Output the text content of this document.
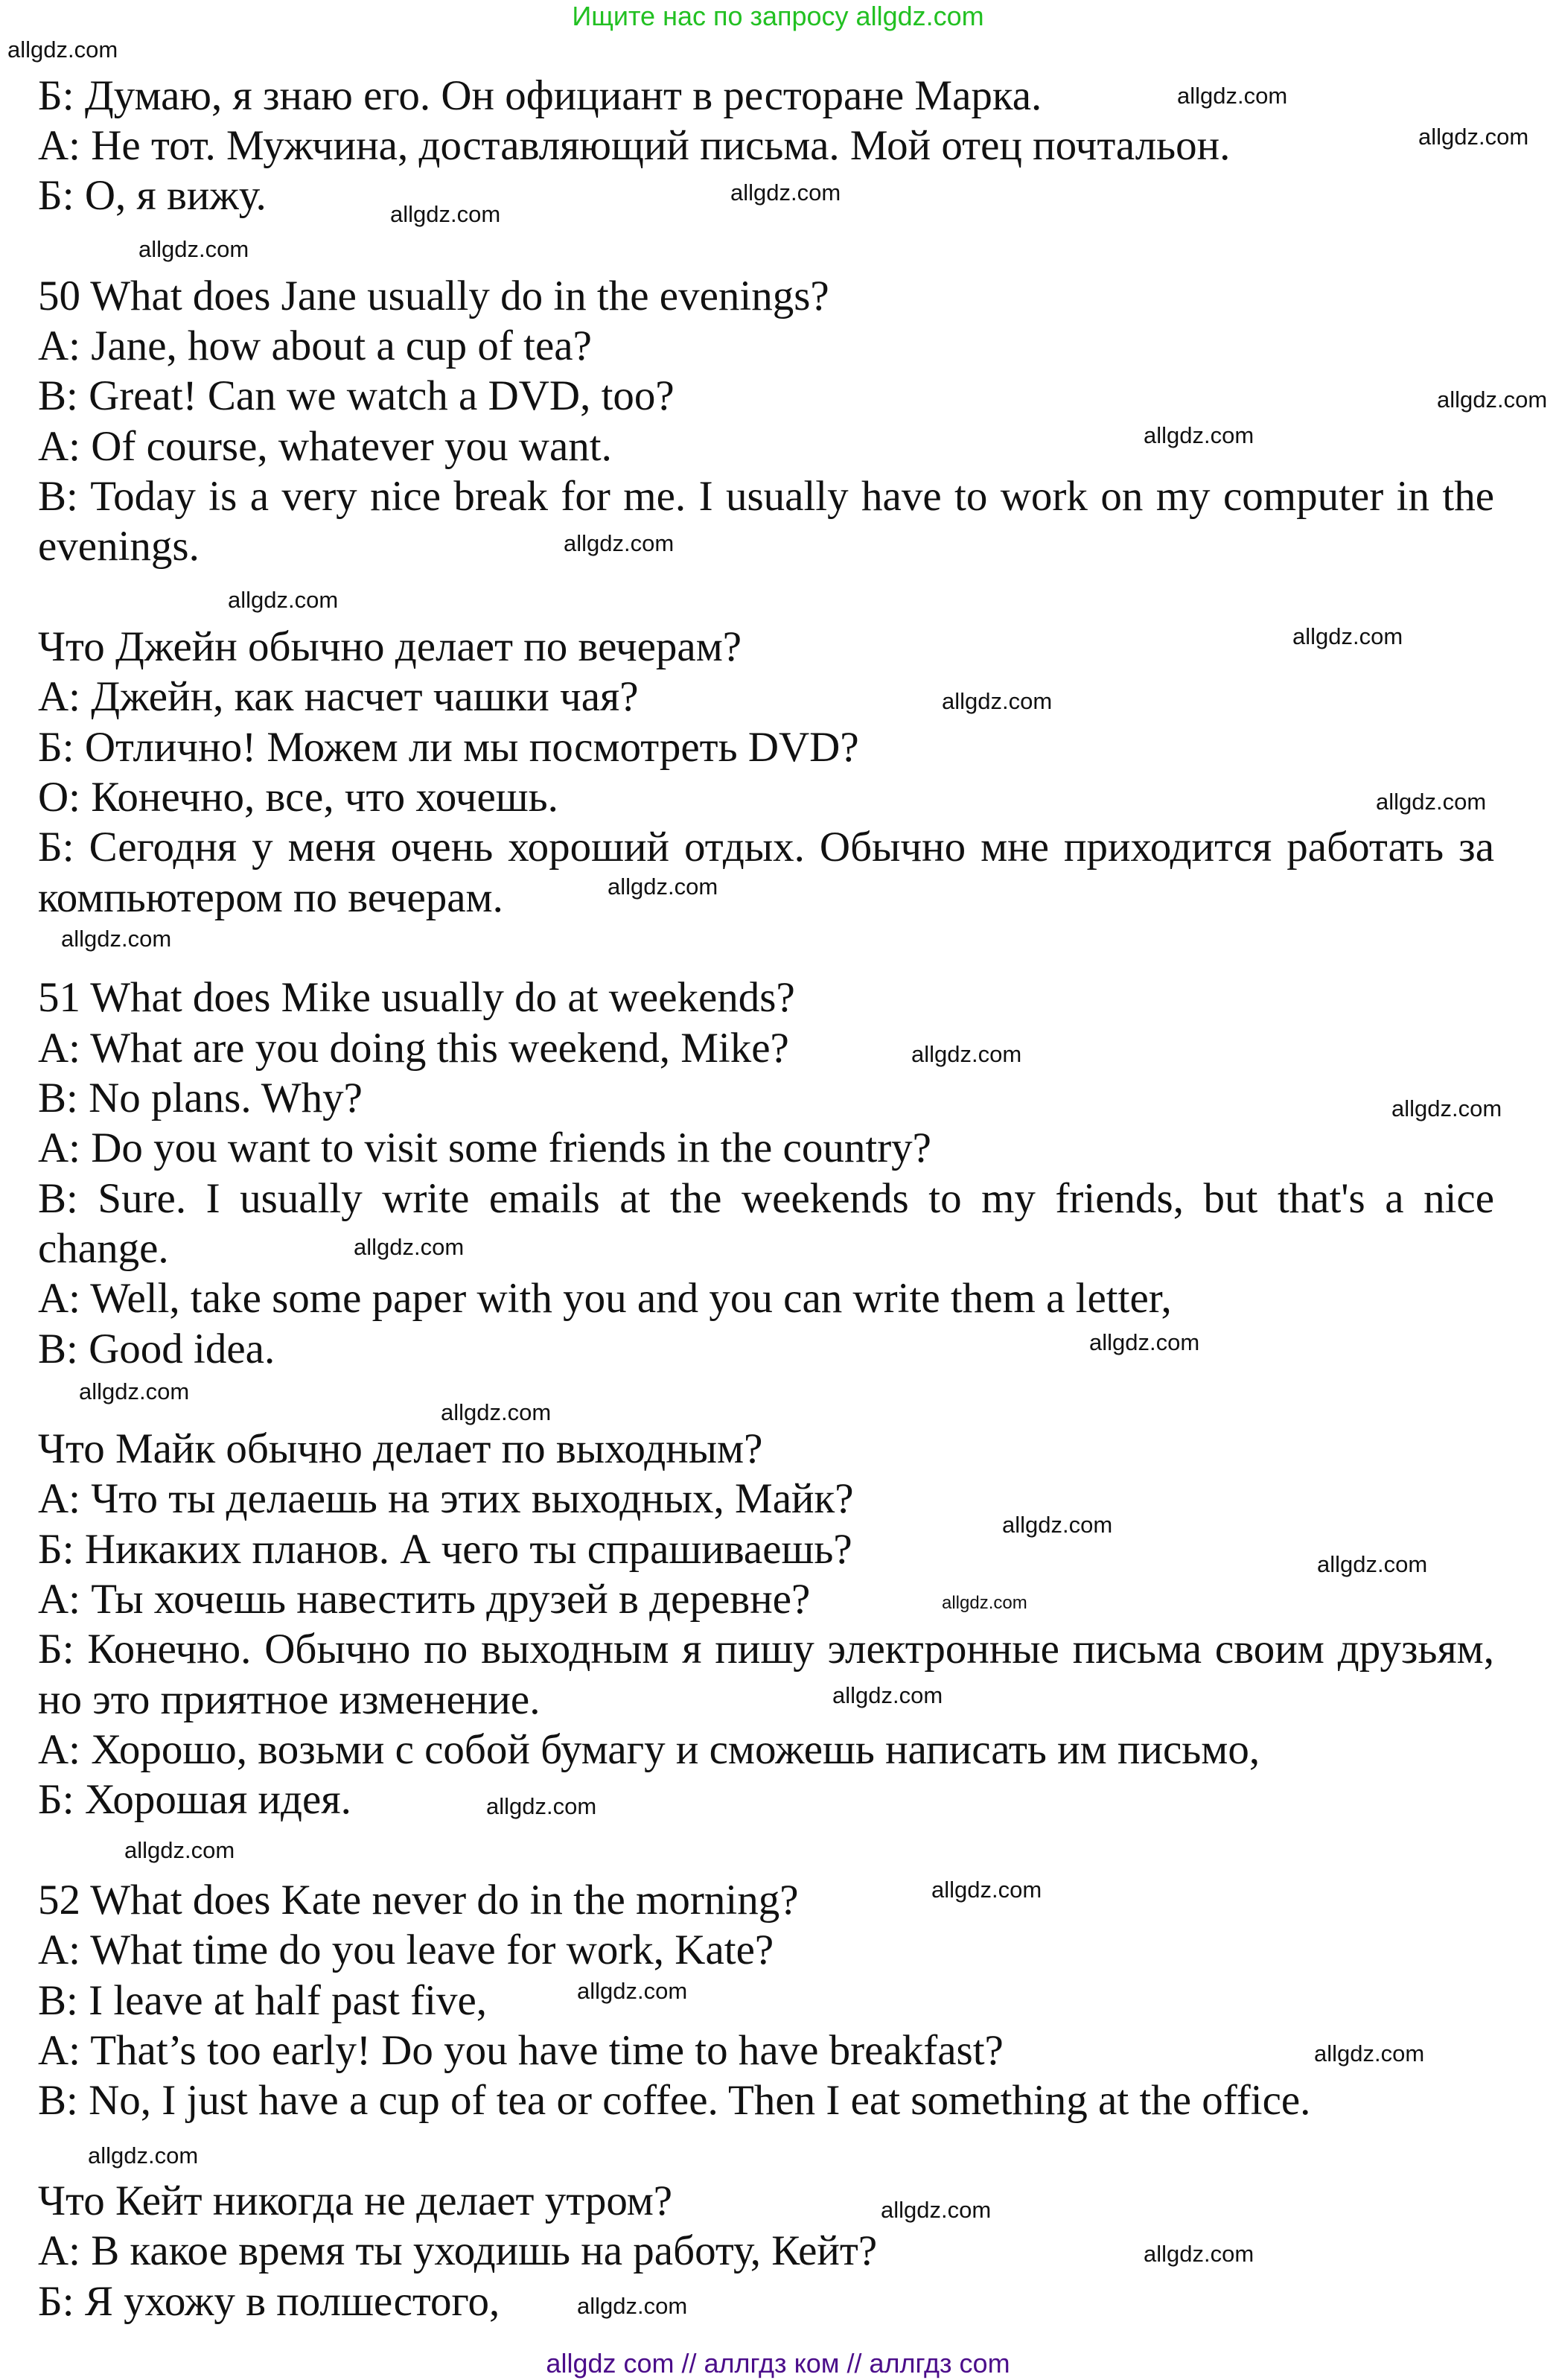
Ищите нас по запросу allgdz.com
Б: Думаю, я знаю его. Он официант в ресторане Марка.
А: Не тот. Мужчина, доставляющий письма. Мой отец почтальон.
Б: О, я вижу.
50 What does Jane usually do in the evenings?
A: Jane, how about a cup of tea?
B: Great! Can we watch a DVD, too?
A: Of course, whatever you want.
B: Today is a very nice break for me. I usually have to work on my computer in the
evenings.
Что Джейн обычно делает по вечерам?
А: Джейн, как насчет чашки чая?
Б: Отлично! Можем ли мы посмотреть DVD?
О: Конечно, все, что хочешь.
Б: Сегодня у меня очень хороший отдых. Обычно мне приходится работать за
компьютером по вечерам.
51 What does Mike usually do at weekends?
A: What are you doing this weekend, Mike?
B: No plans. Why?
A: Do you want to visit some friends in the country?
B: Sure. I usually write emails at the weekends to my friends, but that's a nice
change.
A: Well, take some paper with you and you can write them a letter,
B: Good idea.
Что Майк обычно делает по выходным?
А: Что ты делаешь на этих выходных, Майк?
Б: Никаких планов. А чего ты спрашиваешь?
А: Ты хочешь навестить друзей в деревне?
Б: Конечно. Обычно по выходным я пишу электронные письма своим друзьям,
но это приятное изменение.
А: Хорошо, возьми с собой бумагу и сможешь написать им письмо,
Б: Хорошая идея.
52 What does Kate never do in the morning?
A: What time do you leave for work, Kate?
B: I leave at half past five,
A: That’s too early! Do you have time to have breakfast?
B: No, I just have a cup of tea or coffee. Then I eat something at the office.
Что Кейт никогда не делает утром?
А: В какое время ты уходишь на работу, Кейт?
Б: Я ухожу в полшестого,
allgdz.com
allgdz.com
allgdz.com
allgdz.com
allgdz.com
allgdz.com
allgdz.com
allgdz.com
allgdz.com
allgdz.com
allgdz.com
allgdz.com
allgdz.com
allgdz.com
allgdz.com
allgdz.com
allgdz.com
allgdz.com
allgdz.com
allgdz.com
allgdz.com
allgdz.com
allgdz.com
allgdz.com
allgdz.com
allgdz.com
allgdz.com
allgdz.com
allgdz.com
allgdz.com
allgdz.com
allgdz.com
allgdz.com
allgdz.com
allgdz com // аллгдз ком // аллгдз com
